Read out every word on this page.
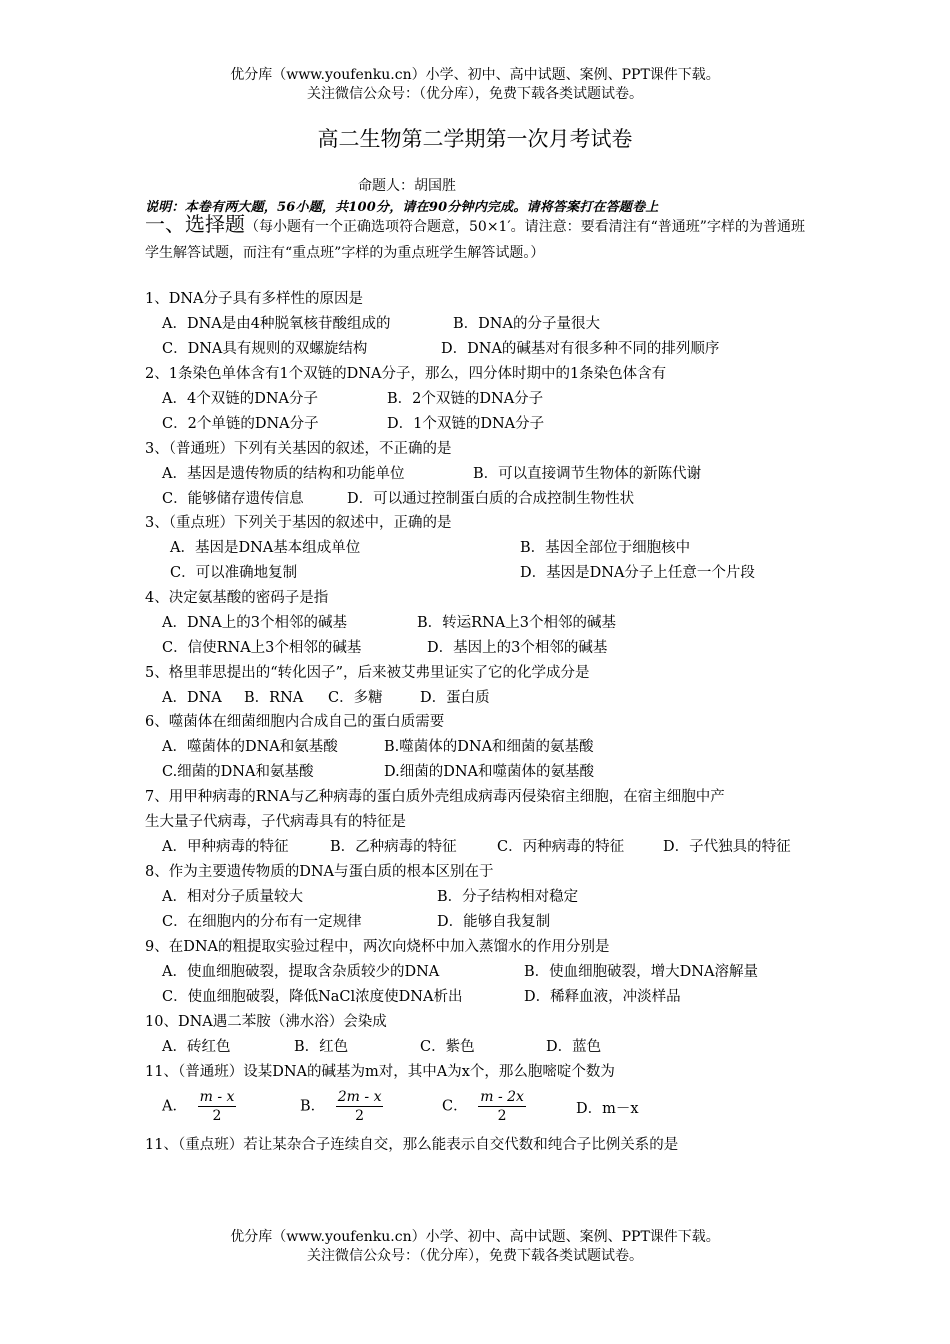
优分库（www.youfenku.cn）小学、初中、高中试题、案例、PPT课件下载。
关注微信公众号：（优分库），免费下载各类试题试卷。
高二生物第二学期第一次月考试卷
命题人：胡国胜
说明：本卷有两大题，56小题，共100分，请在90分钟内完成。请将答案打在答题卷上
一、选择题（每小题有一个正确选项符合题意，50×1′。请注意：要看清注有“普通班”字样的为普通班学生解答试题，而注有“重点班”字样的为重点班学生解答试题。）
1、DNA分子具有多样性的原因是
A．DNA是由4种脱氧核苷酸组成的	B．DNA的分子量很大
C．DNA具有规则的双螺旋结构	D．DNA的碱基对有很多种不同的排列顺序
2、1条染色单体含有1个双链的DNA分子，那么，四分体时期中的1条染色体含有
A．4个双链的DNA分子	B．2个双链的DNA分子
C．2个单链的DNA分子	D．1个双链的DNA分子
3、（普通班）下列有关基因的叙述，不正确的是
A．基因是遗传物质的结构和功能单位	B．可以直接调节生物体的新陈代谢
C．能够储存遗传信息	D．可以通过控制蛋白质的合成控制生物性状
3、（重点班）下列关于基因的叙述中，正确的是
A．基因是DNA基本组成单位	B．基因全部位于细胞核中
C．可以准确地复制	D．基因是DNA分子上任意一个片段
4、决定氨基酸的密码子是指
A．DNA上的3个相邻的碱基	B．转运RNA上3个相邻的碱基
C．信使RNA上3个相邻的碱基	D．基因上的3个相邻的碱基
5、格里菲思提出的“转化因子”，后来被艾弗里证实了它的化学成分是
A．DNA B．RNA C．多糖	D．蛋白质
6、噬菌体在细菌细胞内合成自己的蛋白质需要
A．噬菌体的DNA和氨基酸	B.噬菌体的DNA和细菌的氨基酸
C.细菌的DNA和氨基酸	D.细菌的DNA和噬菌体的氨基酸
7、用甲种病毒的RNA与乙种病毒的蛋白质外壳组成病毒丙侵染宿主细胞，在宿主细胞中产
生大量子代病毒，子代病毒具有的特征是
A．甲种病毒的特征	B．乙种病毒的特征	C．丙种病毒的特征	D．子代独具的特征
8、作为主要遗传物质的DNA与蛋白质的根本区别在于
A．相对分子质量较大	B．分子结构相对稳定
C．在细胞内的分布有一定规律	D．能够自我复制
9、在DNA的粗提取实验过程中，两次向烧杯中加入蒸馏水的作用分别是
A．使血细胞破裂，提取含杂质较少的DNA	B．使血细胞破裂，增大DNA溶解量
C．使血细胞破裂，降低NaCl浓度使DNA析出	D．稀释血液，冲淡样品
10、DNA遇二苯胺（沸水浴）会染成
A．砖红色	B．红色	C．紫色	D．蓝色
11、（普通班）设某DNA的碱基为m对，其中A为x个，那么胞嘧啶个数为
A． $\frac{m - x}{2}$	B． $\frac{2m - x}{2}$	C． $\frac{m - 2x}{2}$	D．m－x
11、（重点班）若让某杂合子连续自交，那么能表示自交代数和纯合子比例关系的是
优分库（www.youfenku.cn）小学、初中、高中试题、案例、PPT课件下载。
关注微信公众号：（优分库），免费下载各类试题试卷。
